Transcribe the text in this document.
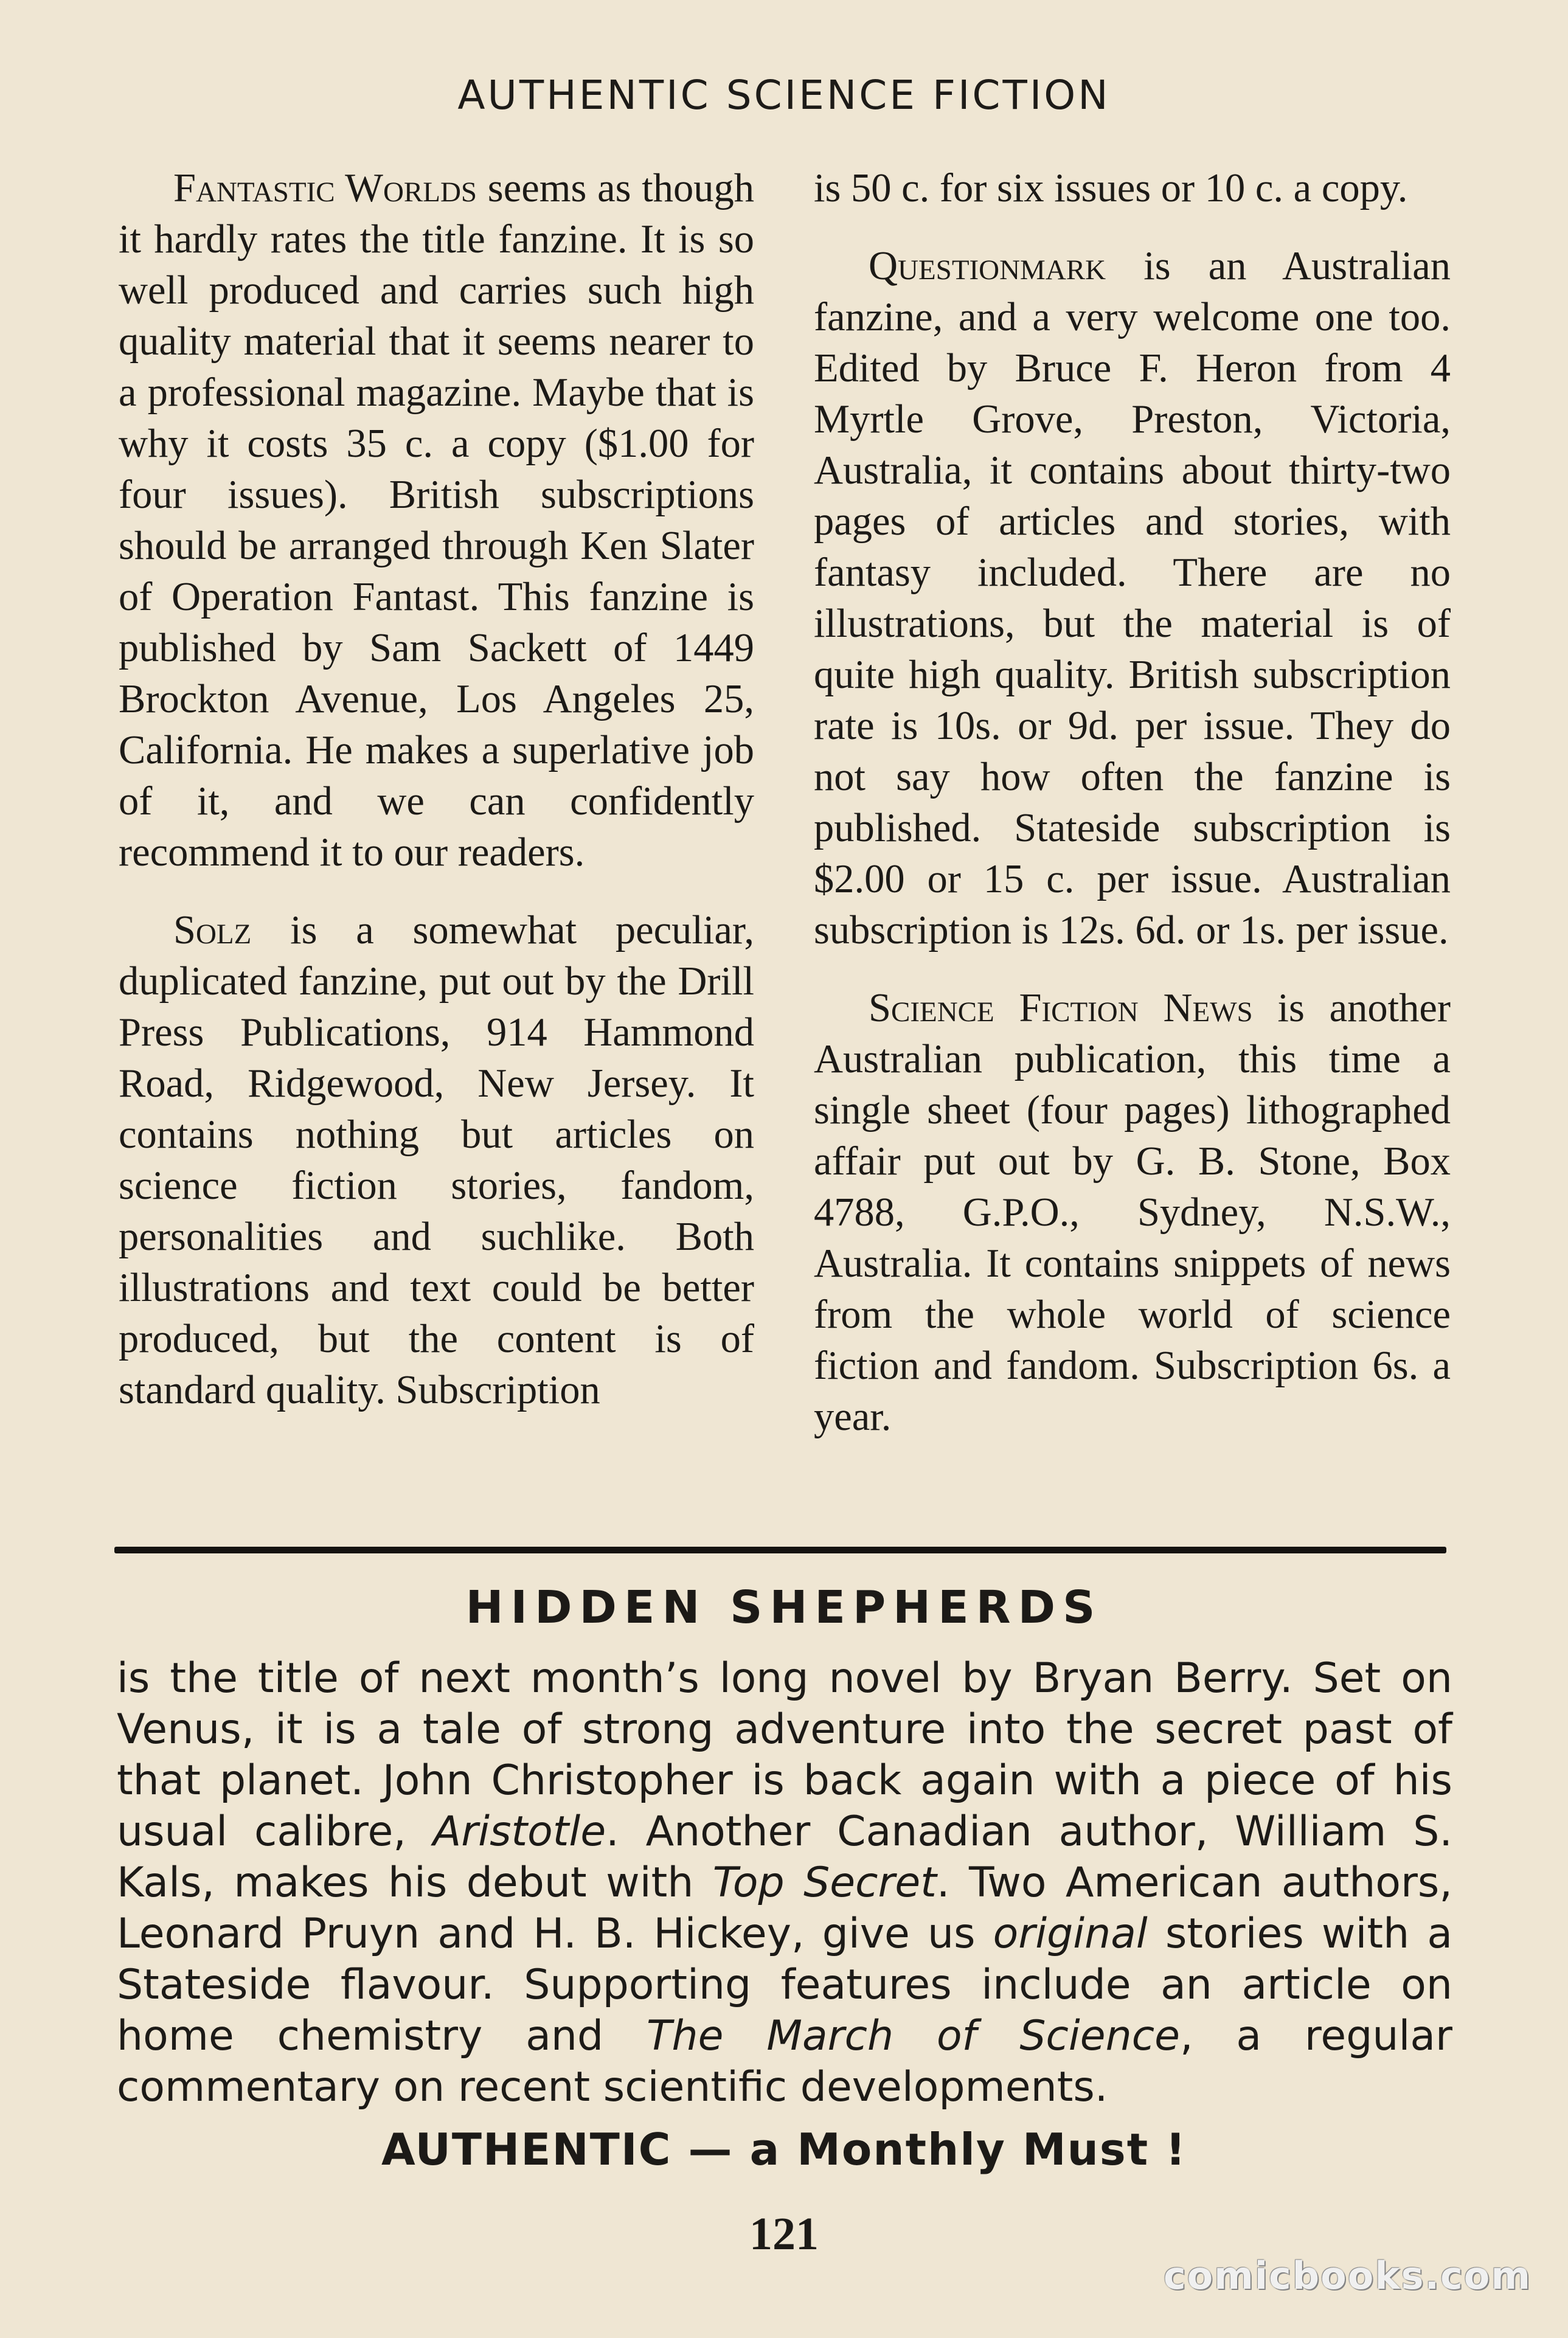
AUTHENTIC SCIENCE FICTION

Fantastic Worlds seems as though it hardly rates the title fanzine. It is so well produced and carries such high quality material that it seems nearer to a professional magazine. Maybe that is why it costs 35 c. a copy ($1.00 for four issues). British subscriptions should be arranged through Ken Slater of Operation Fantast. This fanzine is published by Sam Sackett of 1449 Brockton Avenue, Los Angeles 25, California. He makes a superlative job of it, and we can confidently recommend it to our readers.

Solz is a somewhat peculiar, duplicated fanzine, put out by the Drill Press Publications, 914 Hammond Road, Ridgewood, New Jersey. It contains nothing but articles on science fiction stories, fandom, personalities and suchlike. Both illustrations and text could be better produced, but the content is of standard quality. Subscription

is 50 c. for six issues or 10 c. a copy.

Questionmark is an Australian fanzine, and a very welcome one too. Edited by Bruce F. Heron from 4 Myrtle Grove, Preston, Victoria, Australia, it contains about thirty-two pages of articles and stories, with fantasy included. There are no illustrations, but the material is of quite high quality. British subscription rate is 10s. or 9d. per issue. They do not say how often the fanzine is published. Stateside subscription is $2.00 or 15 c. per issue. Australian subscription is 12s. 6d. or 1s. per issue.

Science Fiction News is another Australian publication, this time a single sheet (four pages) lithographed affair put out by G. B. Stone, Box 4788, G.P.O., Sydney, N.S.W., Australia. It contains snippets of news from the whole world of science fiction and fandom. Subscription 6s. a year.

HIDDEN SHEPHERDS

is the title of next month’s long novel by Bryan Berry. Set on Venus, it is a tale of strong adventure into the secret past of that planet. John Christopher is back again with a piece of his usual calibre, Aristotle. Another Canadian author, William S. Kals, makes his debut with Top Secret. Two American authors, Leonard Pruyn and H. B. Hickey, give us original stories with a Stateside flavour. Supporting features include an article on home chemistry and The March of Science, a regular commentary on recent scientific developments.

AUTHENTIC — a Monthly Must !

121
comicbooks.com
